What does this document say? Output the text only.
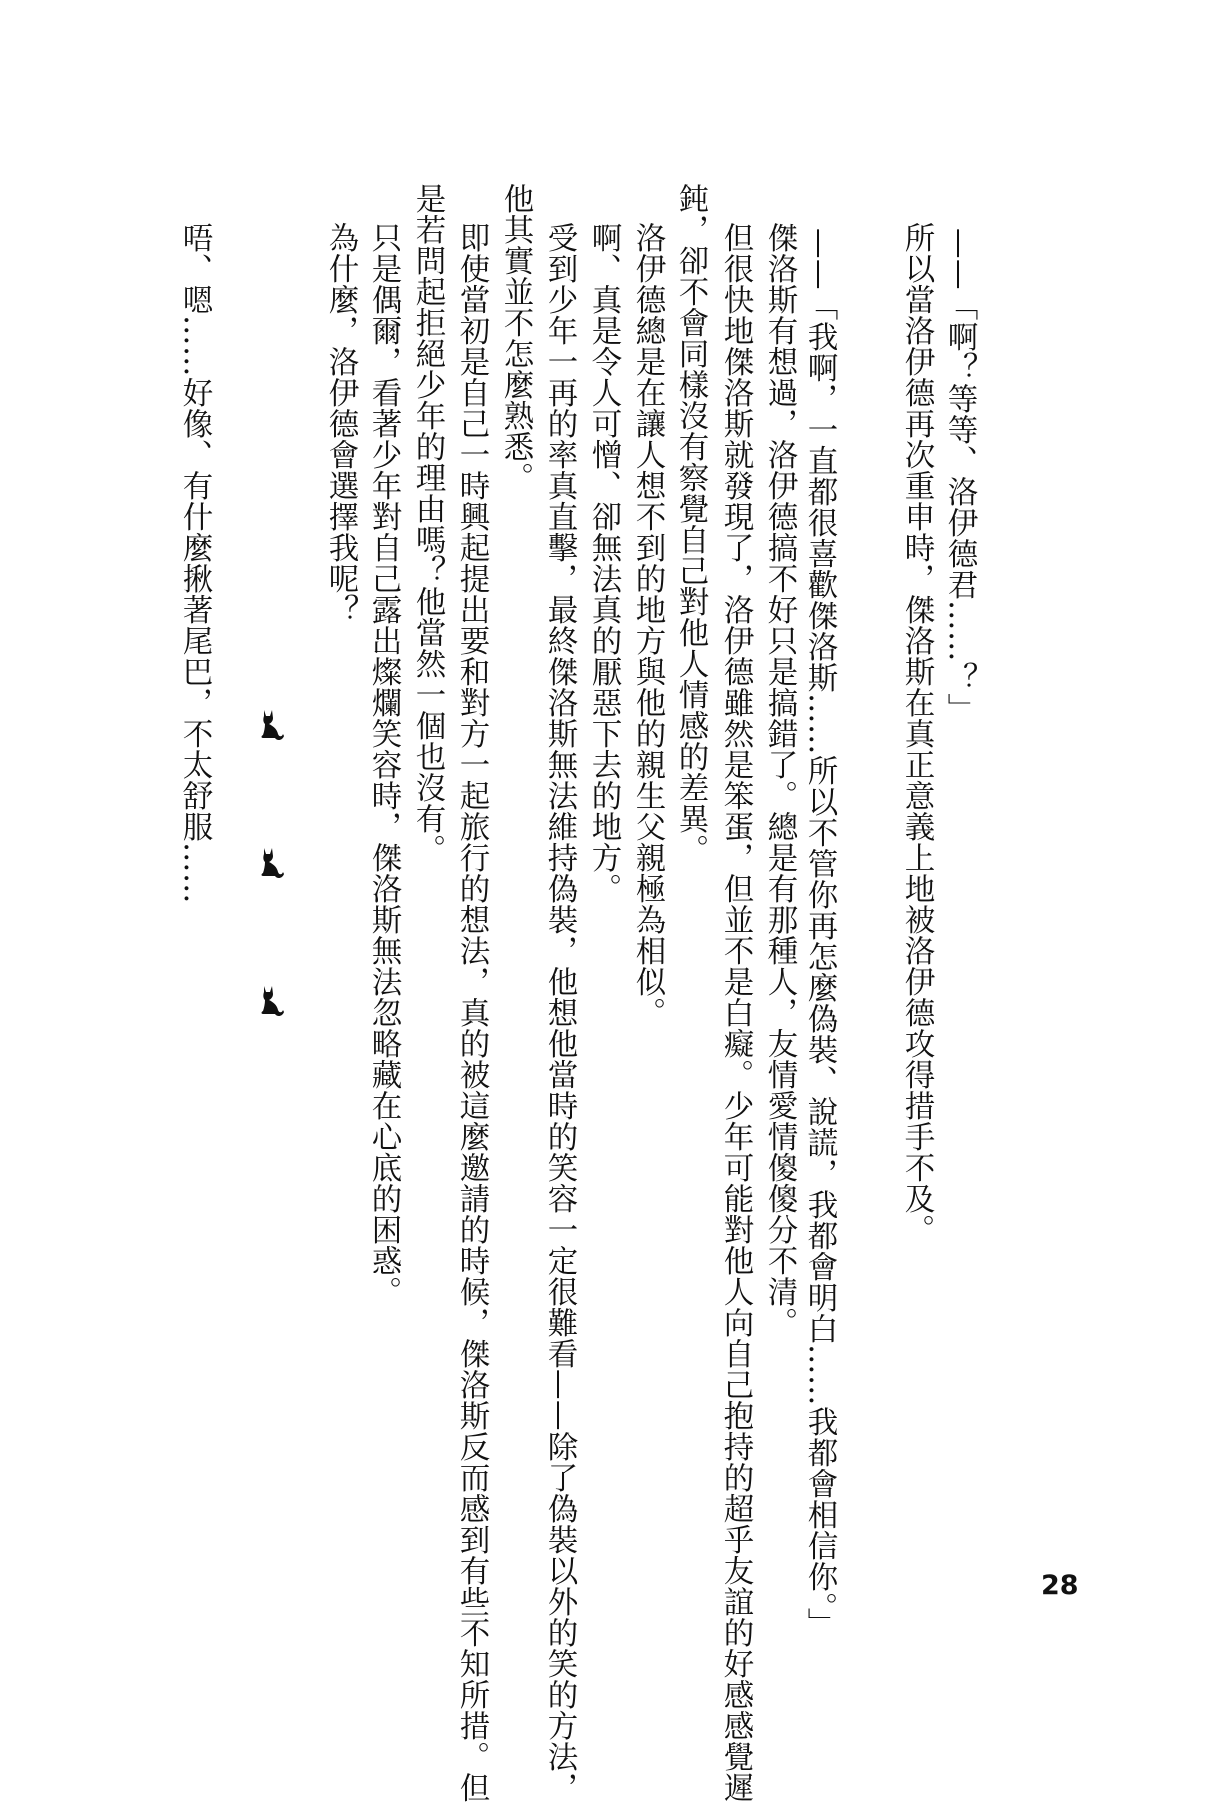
——「啊？等等、洛伊德君……？」
所以當洛伊德再次重申時，傑洛斯在真正意義上地被洛伊德攻得措手不及。
——「我啊，一直都很喜歡傑洛斯……所以不管你再怎麼偽裝、說謊，我都會明白……我都會相信你。」
傑洛斯有想過，洛伊德搞不好只是搞錯了。總是有那種人，友情愛情傻傻分不清。
但很快地傑洛斯就發現了，洛伊德雖然是笨蛋，但並不是白癡。少年可能對他人向自己抱持的超乎友誼的好感感覺遲
鈍，卻不會同樣沒有察覺自己對他人情感的差異。
洛伊德總是在讓人想不到的地方與他的親生父親極為相似。
啊、真是令人可憎、卻無法真的厭惡下去的地方。
受到少年一再的率真直擊，最終傑洛斯無法維持偽裝，他想他當時的笑容一定很難看——除了偽裝以外的笑的方法，
他其實並不怎麼熟悉。
即使當初是自己一時興起提出要和對方一起旅行的想法，真的被這麼邀請的時候，傑洛斯反而感到有些不知所措。但
是若問起拒絕少年的理由嗎？他當然一個也沒有。
只是偶爾，看著少年對自己露出燦爛笑容時，傑洛斯無法忽略藏在心底的困惑。
為什麼，洛伊德會選擇我呢？
唔、嗯……好像、有什麼揪著尾巴，不太舒服……
28
